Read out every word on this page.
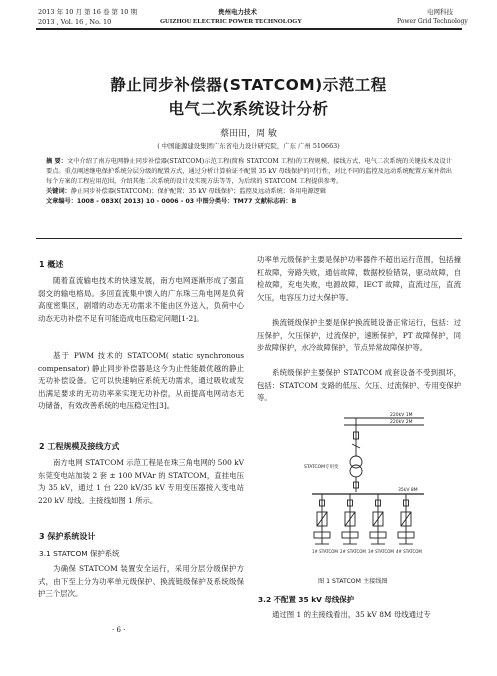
2013 年 10 月 第 16 卷 第 10 期
2013 , Vol. 16 , No. 10
贵州电力技术
GUIZHOU ELECTRIC POWER TECHNOLOGY
电网科技
Power Grid Technology
静止同步补偿器(STATCOM)示范工程
电气二次系统设计分析
蔡田田，周 敏
( 中国能源建设集团广东省电力设计研究院，广东 广州 510663)

摘 要：文中介绍了南方电网静止同步补偿器(STATCOM)示范工程(简称 STATCOM 工程)的工程规模、接线方式、电气二次系统的关键技术及设计要点。重点阐述继电保护系统分层分级的配置方式，通过分析计算验证不配置 35 kV 母线保护的可行性，对比不同的监控及远动系统配置方案并指出每个方案的工程应用范围，介绍其他二次系统的设计及实现方法等等，为后续的 STATCOM 工程提供参考。

关键词：静止同步补偿器(STATCOM)；保护配置；35 kV 母线保护；监控及远动系统；备用电源逻辑

文章编号：1008 - 083X( 2013) 10 - 0006 - 03 中图分类号：TM77 文献标志码：B

1 概述
随着直流输电技术的快速发展，南方电网逐渐形成了强直弱交的输电格局。多回直流集中馈入的广东珠三角电网是负荷高度密集区，剧增的动态无功需求不能由区外送入，负荷中心动态无功补偿不足有可能造成电压稳定问题[1-2]。
基于 PWM 技术的 STATCOM( static synchronous compensator) 静止同步补偿器是这今为止性能最优越的静止无功补偿设备。它可以快速响应系统无功需求，通过吸收或发出满足要求的无功功率来实现无功补偿，从而提高电网动态无功储备，有效改善系统的电压稳定性[3]。
2 工程规模及接线方式
南方电网 STATCOM 示范工程是在珠三角电网的 500 kV 东莞变电站加装 2 套 ± 100 MVAr 的 STATCOM，直挂电压为 35 kV，通过 1 台 220 kV/35 kV 专用变压器接入变电站 220 kV 母线。主接线如图 1 所示。
3 保护系统设计
3.1 STATCOM 保护系统
为确保 STATCOM 装置安全运行，采用分层分级保护方式，由下至上分为功率单元级保护、换流链级保护及系统级保护三个层次。
· 6 ·
功率单元级保护主要是保护功率器件不超出运行范围，包括撞杠故障，旁路失败，通信故障，数据校验错误，驱动故障，自检故障，充电失败，电源故障，IECT 故障，直流过压，直流欠压，电容压力过大保护等。
换流链级保护主要是保护换流链设备正常运行，包括：过压保护，欠压保护，过流保护，速断保护，PT 故障保护，同步故障保护，水冷故障保护，节点异常故障保护等。
系统级保护主要保护 STATCOM 成套设备不受到损坏，包括：STATCOM 支路的低压、欠压、过流保护、专用变保护等。
220kV 1M
220kV 2M
STATCOM专用变
35kV 8M
1# STATCOM 2# STATCOM 3# STATCOM 4# STATCOM
图 1 STATCOM 主接线图
3.2 不配置 35 kV 母线保护
通过图 1 的主接线看出，35 kV 8M 母线通过专
